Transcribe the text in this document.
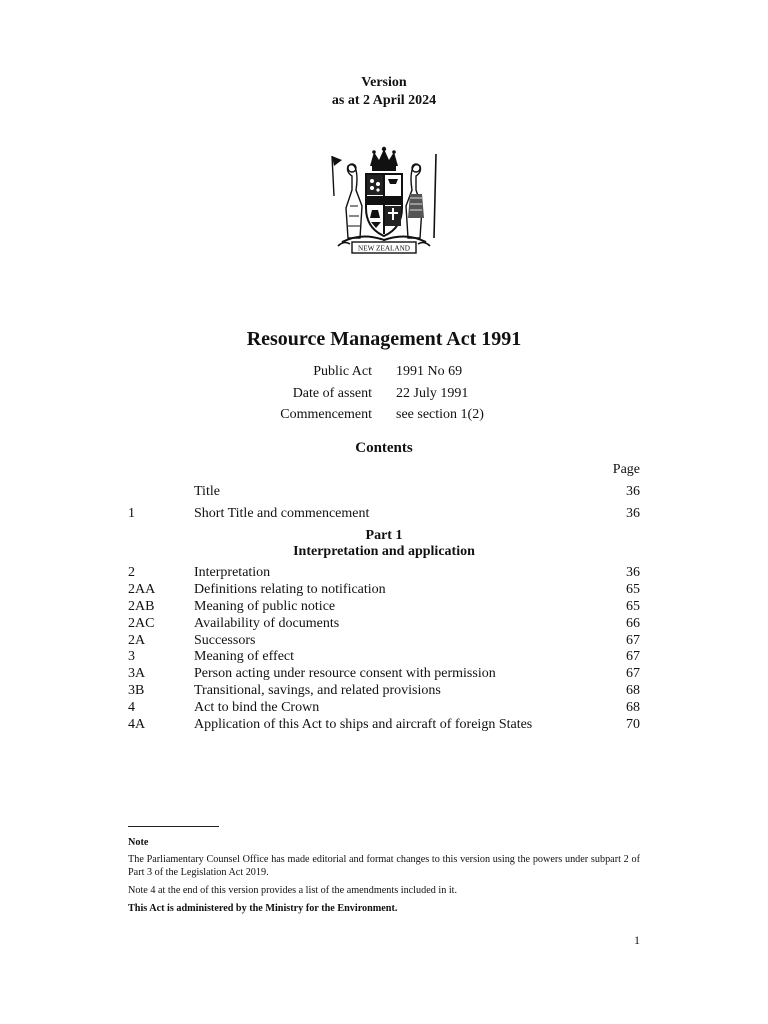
Version
as at 2 April 2024
NEW ZEALAND
Resource Management Act 1991
Public Act 1991 No 69
Date of assent 22 July 1991
Commencement see section 1(2)
Contents
Page
Title	36
1	Short Title and commencement	36
Part 1
Interpretation and application
2	Interpretation	36
2AA	Definitions relating to notification	65
2AB	Meaning of public notice	65
2AC	Availability of documents	66
2A	Successors	67
3	Meaning of effect	67
3A	Person acting under resource consent with permission	67
3B	Transitional, savings, and related provisions	68
4	Act to bind the Crown	68
4A	Application of this Act to ships and aircraft of foreign States	70
Note
The Parliamentary Counsel Office has made editorial and format changes to this version using the powers under subpart 2 of Part 3 of the Legislation Act 2019.
Note 4 at the end of this version provides a list of the amendments included in it.
This Act is administered by the Ministry for the Environment.
1
